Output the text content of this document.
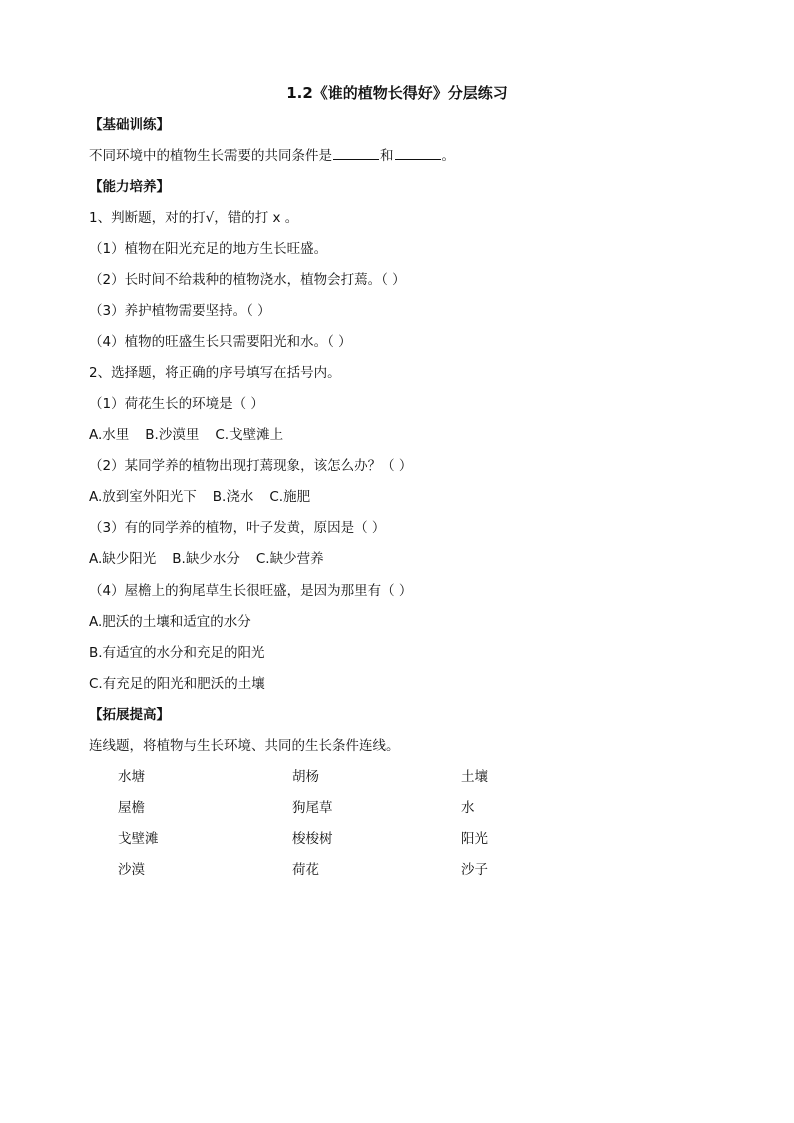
1.2《谁的植物长得好》分层练习
【基础训练】
不同环境中的植物生长需要的共同条件是	和	。
【能力培养】
1、判断题，对的打√，错的打 x 。
（1）植物在阳光充足的地方生长旺盛。
（2）长时间不给栽种的植物浇水，植物会打蔫。（ ）
（3）养护植物需要坚持。（ ）
（4）植物的旺盛生长只需要阳光和水。（ ）
2、选择题，将正确的序号填写在括号内。
（1）荷花生长的环境是（ ）
A.水里 B.沙漠里 C.戈壁滩上
（2）某同学养的植物出现打蔫现象，该怎么办？（ ）
A.放到室外阳光下 B.浇水 C.施肥
（3）有的同学养的植物，叶子发黄，原因是（ ）
A.缺少阳光 B.缺少水分 C.缺少营养
（4）屋檐上的狗尾草生长很旺盛，是因为那里有（ ）
A.肥沃的土壤和适宜的水分
B.有适宜的水分和充足的阳光
C.有充足的阳光和肥沃的土壤
【拓展提高】
连线题，将植物与生长环境、共同的生长条件连线。
水塘
屋檐
戈壁滩
沙漠
胡杨
狗尾草
梭梭树
荷花
土壤
水
阳光
沙子
